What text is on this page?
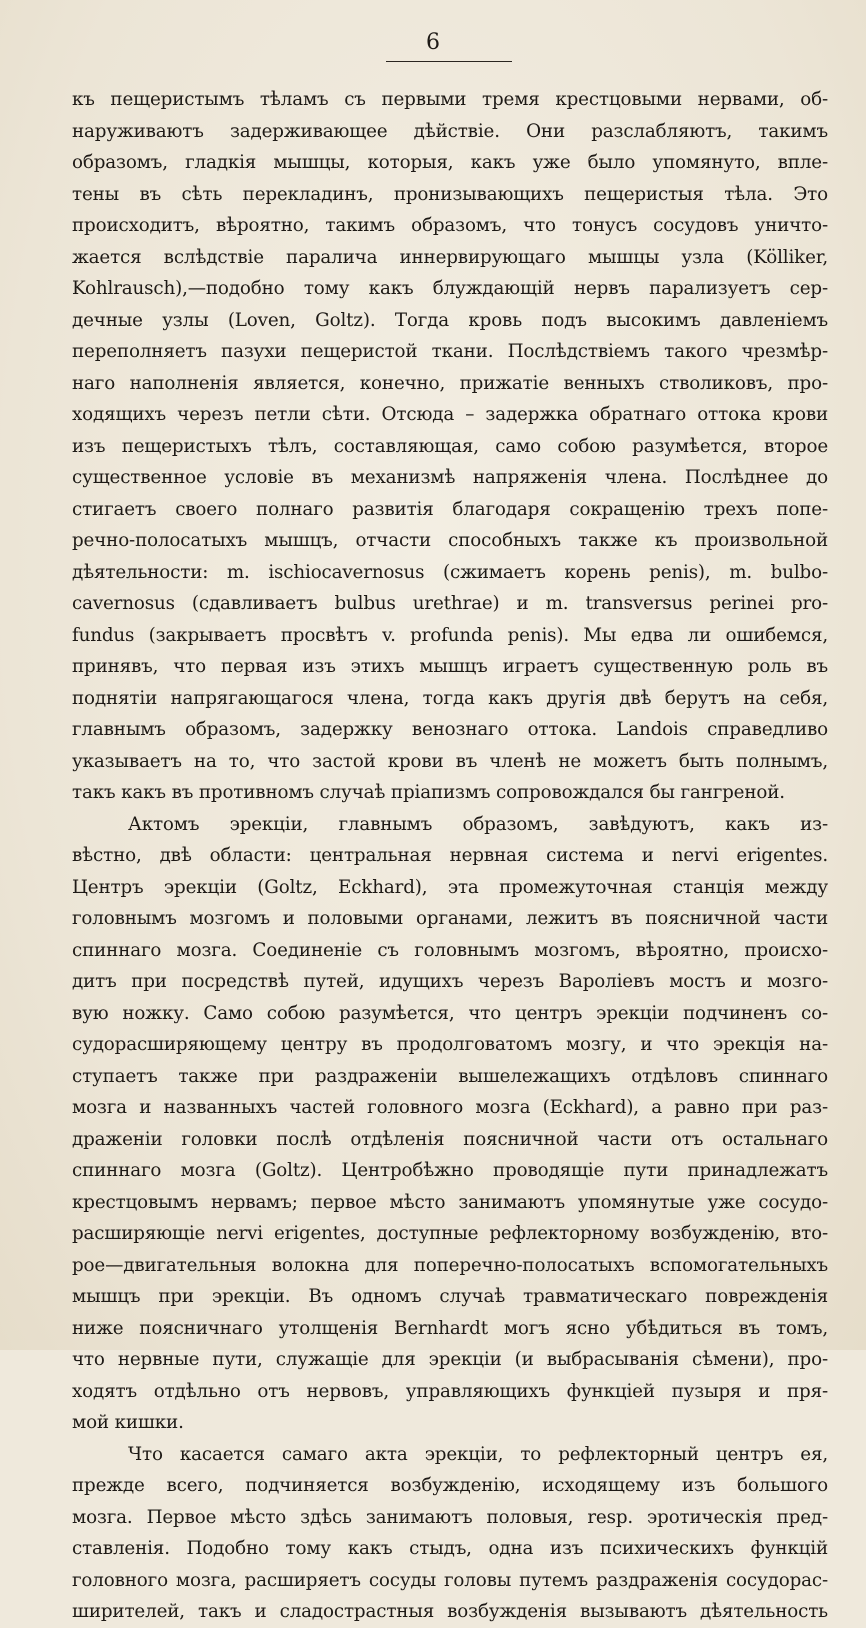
6
къ пещеристымъ тѣламъ съ первыми тремя крестцовыми нервами, об-
наруживаютъ задерживающее дѣйствіе. Они разслабляютъ, такимъ
образомъ, гладкія мышцы, которыя, какъ уже было упомянуто, впле-
тены въ сѣть перекладинъ, пронизывающихъ пещеристыя тѣла. Это
происходитъ, вѣроятно, такимъ образомъ, что тонусъ сосудовъ уничто-
жается вслѣдствіе паралича иннервирующаго мышцы узла (Kölliker,
Kohlrausch),—подобно тому какъ блуждающій нервъ парализуетъ сер-
дечные узлы (Loven, Goltz). Тогда кровь подъ высокимъ давленіемъ
переполняетъ пазухи пещеристой ткани. Послѣдствіемъ такого чрезмѣр-
наго наполненія является, конечно, прижатіе венныхъ стволиковъ, про-
ходящихъ черезъ петли сѣти. Отсюда – задержка обратнаго оттока крови
изъ пещеристыхъ тѣлъ, составляющая, само собою разумѣется, второе
существенное условіе въ механизмѣ напряженія члена. Послѣднее до
стигаетъ своего полнаго развитія благодаря сокращенію трехъ попе-
речно-полосатыхъ мышцъ, отчасти способныхъ также къ произвольной
дѣятельности: m. ischiocavernosus (сжимаетъ корень penis), m. bulbo-
cavernosus (сдавливаетъ bulbus urethrae) и m. transversus perinei pro-
fundus (закрываетъ просвѣтъ v. profunda penis). Мы едва ли ошибемся,
принявъ, что первая изъ этихъ мышцъ играетъ существенную роль въ
поднятіи напрягающагося члена, тогда какъ другія двѣ берутъ на себя,
главнымъ образомъ, задержку венознаго оттока. Landois справедливо
указываетъ на то, что застой крови въ членѣ не можетъ быть полнымъ,
такъ какъ въ противномъ случаѣ пріапизмъ сопровождался бы гангреной.
Актомъ эрекціи, главнымъ образомъ, завѣдуютъ, какъ из-
вѣстно, двѣ области: центральная нервная система и nervi erigentes.
Центръ эрекціи (Goltz, Eckhard), эта промежуточная станція между
головнымъ мозгомъ и половыми органами, лежитъ въ поясничной части
спиннаго мозга. Соединеніе съ головнымъ мозгомъ, вѣроятно, происхо-
дитъ при посредствѣ путей, идущихъ черезъ Варолiевъ мостъ и мозго-
вую ножку. Само собою разумѣется, что центръ эрекціи подчиненъ со-
судорасширяющему центру въ продолговатомъ мозгу, и что эрекція на-
ступаетъ также при раздраженіи вышележащихъ отдѣловъ спиннаго
мозга и названныхъ частей головного мозга (Eckhard), а равно при раз-
драженіи головки послѣ отдѣленія поясничной части отъ остальнаго
спиннаго мозга (Goltz). Центробѣжно проводящіе пути принадлежатъ
крестцовымъ нервамъ; первое мѣсто занимаютъ упомянутые уже сосудо-
расширяющіе nervi erigentes, доступные рефлекторному возбужденію, вто-
рое—двигательныя волокна для поперечно-полосатыхъ вспомогательныхъ
мышцъ при эрекціи. Въ одномъ случаѣ травматическаго поврежденія
ниже поясничнаго утолщенія Bernhardt могъ ясно убѣдиться въ томъ,
что нервные пути, служащіе для эрекціи (и выбрасыванія сѣмени), про-
ходятъ отдѣльно отъ нервовъ, управляющихъ функціей пузыря и пря-
мой кишки.
Что касается самаго акта эрекціи, то рефлекторный центръ ея,
прежде всего, подчиняется возбужденію, исходящему изъ большого
мозга. Первое мѣсто здѣсь занимаютъ половыя, resp. эротическія пред-
ставленія. Подобно тому какъ стыдъ, одна изъ психическихъ функцій
головного мозга, расширяетъ сосуды головы путемъ раздраженія сосудорас-
ширителей, такъ и сладострастныя возбужденія вызываютъ дѣятельность
